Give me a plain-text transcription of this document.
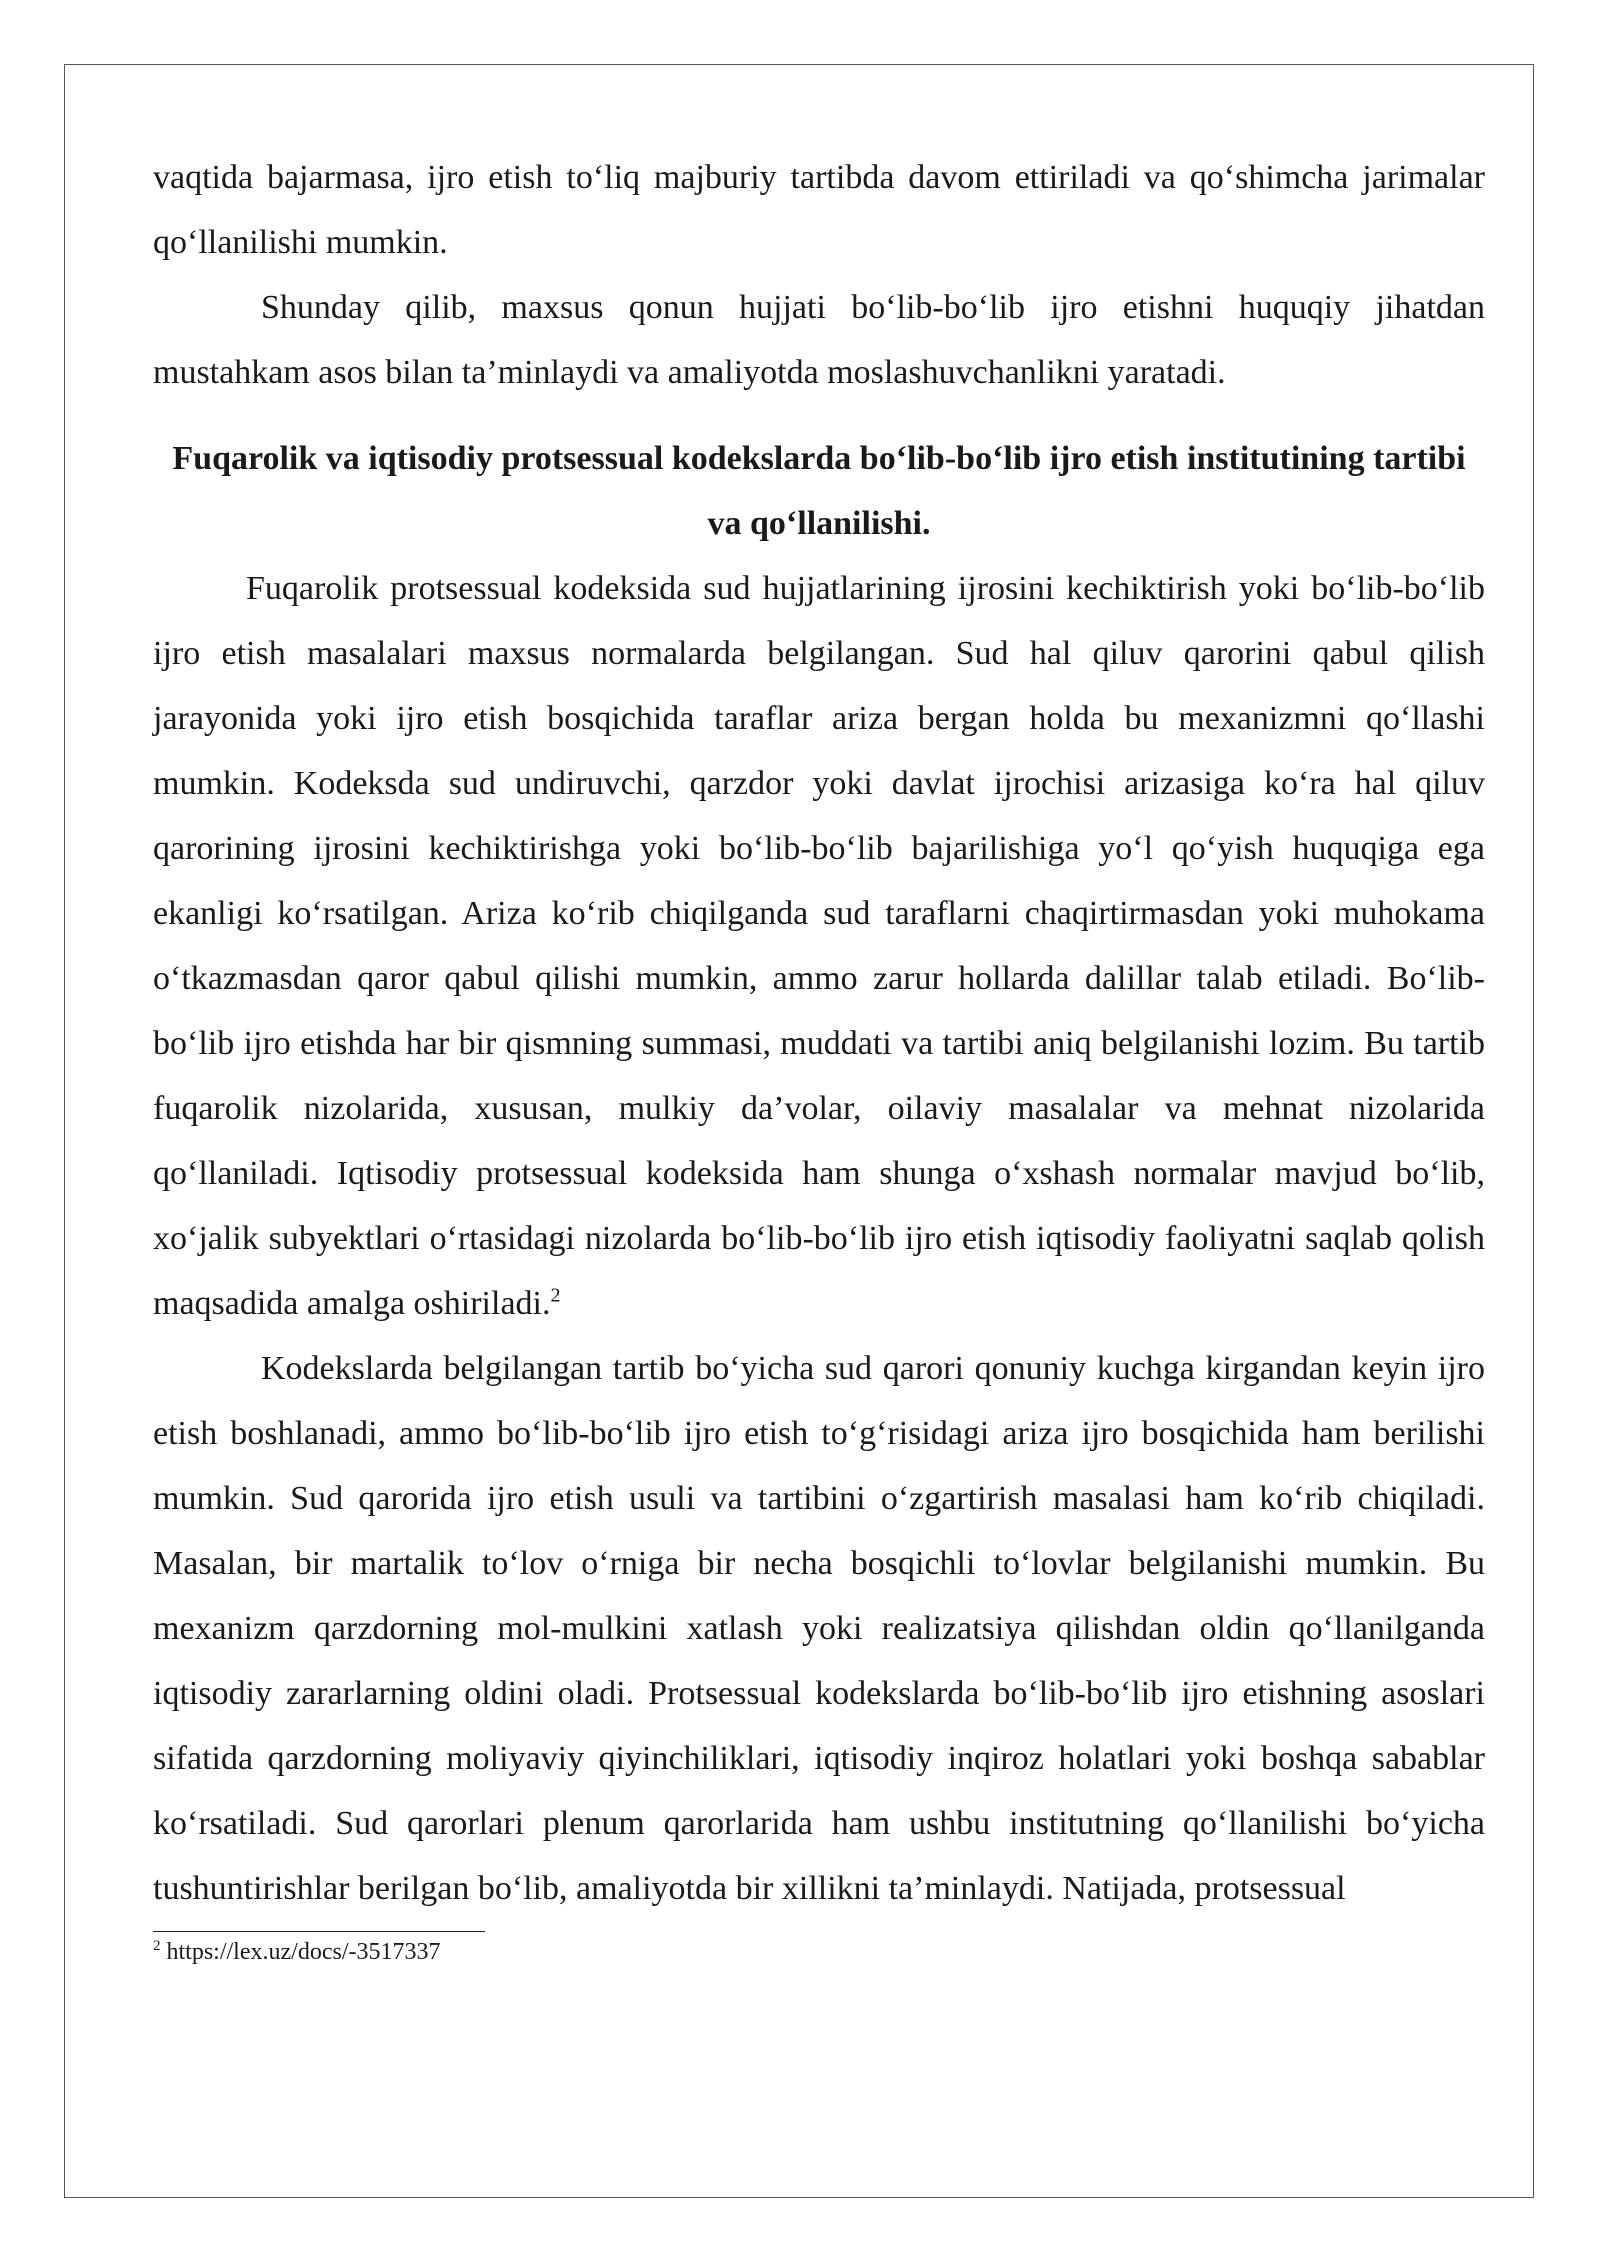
vaqtida bajarmasa, ijro etish to‘liq majburiy tartibda davom ettiriladi va qo‘shimcha jarimalar qo‘llanilishi mumkin.

Shunday qilib, maxsus qonun hujjati bo‘lib-bo‘lib ijro etishni huquqiy jihatdan mustahkam asos bilan ta’minlaydi va amaliyotda moslashuvchanlikni yaratadi.

Fuqarolik va iqtisodiy protsessual kodekslarda bo‘lib-bo‘lib ijro etish institutining tartibi va qo‘llanilishi.

Fuqarolik protsessual kodeksida sud hujjatlarining ijrosini kechiktirish yoki bo‘lib-bo‘lib ijro etish masalalari maxsus normalarda belgilangan. Sud hal qiluv qarorini qabul qilish jarayonida yoki ijro etish bosqichida taraflar ariza bergan holda bu mexanizmni qo‘llashi mumkin. Kodeksda sud undiruvchi, qarzdor yoki davlat ijrochisi arizasiga ko‘ra hal qiluv qarorining ijrosini kechiktirishga yoki bo‘lib-bo‘lib bajarilishiga yo‘l qo‘yish huquqiga ega ekanligi ko‘rsatilgan. Ariza ko‘rib chiqilganda sud taraflarni chaqirtirmasdan yoki muhokama o‘tkazmasdan qaror qabul qilishi mumkin, ammo zarur hollarda dalillar talab etiladi. Bo‘lib-bo‘lib ijro etishda har bir qismning summasi, muddati va tartibi aniq belgilanishi lozim. Bu tartib fuqarolik nizolarida, xususan, mulkiy da’volar, oilaviy masalalar va mehnat nizolarida qo‘llaniladi. Iqtisodiy protsessual kodeksida ham shunga o‘xshash normalar mavjud bo‘lib, xo‘jalik subyektlari o‘rtasidagi nizolarda bo‘lib-bo‘lib ijro etish iqtisodiy faoliyatni saqlab qolish maqsadida amalga oshiriladi.$^2$

Kodekslarda belgilangan tartib bo‘yicha sud qarori qonuniy kuchga kirgandan keyin ijro etish boshlanadi, ammo bo‘lib-bo‘lib ijro etish to‘g‘risidagi ariza ijro bosqichida ham berilishi mumkin. Sud qarorida ijro etish usuli va tartibini o‘zgartirish masalasi ham ko‘rib chiqiladi. Masalan, bir martalik to‘lov o‘rniga bir necha bosqichli to‘lovlar belgilanishi mumkin. Bu mexanizm qarzdorning mol-mulkini xatlash yoki realizatsiya qilishdan oldin qo‘llanilganda iqtisodiy zararlarning oldini oladi. Protsessual kodekslarda bo‘lib-bo‘lib ijro etishning asoslari sifatida qarzdorning moliyaviy qiyinchiliklari, iqtisodiy inqiroz holatlari yoki boshqa sabablar ko‘rsatiladi. Sud qarorlari plenum qarorlarida ham ushbu institutning qo‘llanilishi bo‘yicha tushuntirishlar berilgan bo‘lib, amaliyotda bir xillikni ta’minlaydi. Natijada, protsessual

$^2$ https://lex.uz/docs/-3517337
